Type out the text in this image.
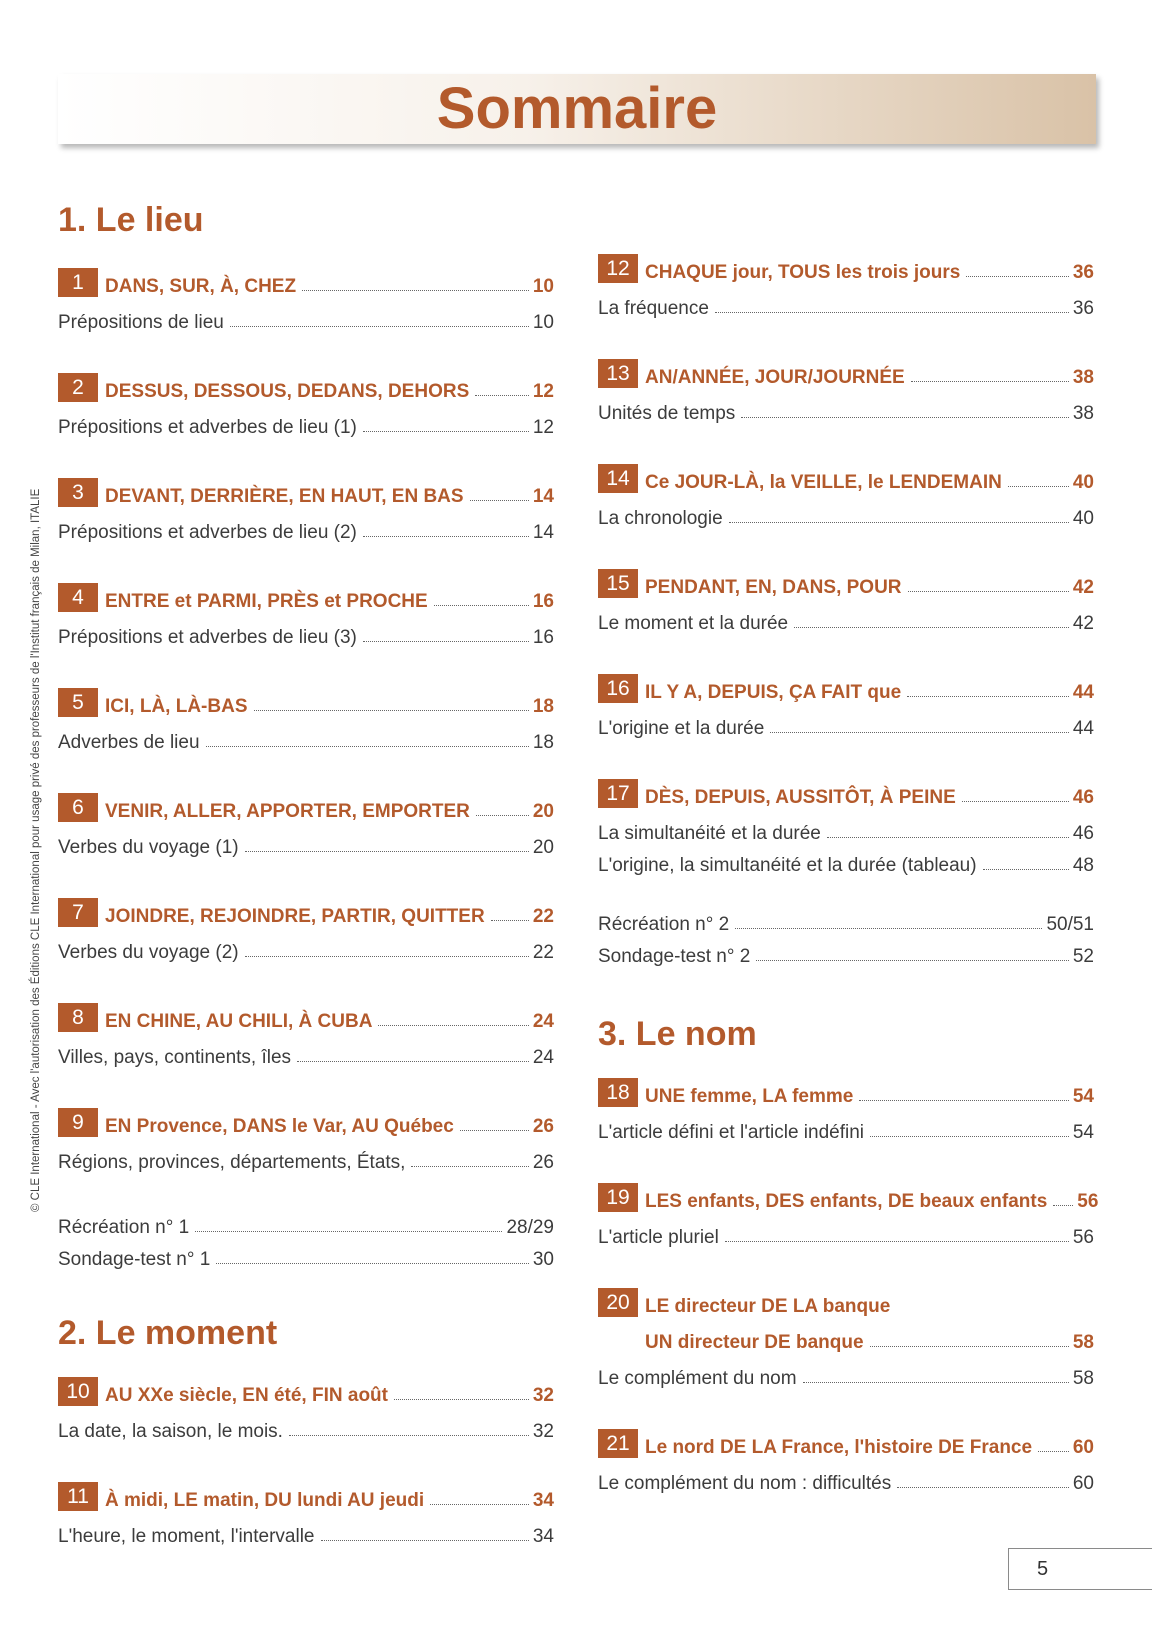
Sommaire
© CLE International - Avec l'autorisation des Éditions CLE International pour usage privé des professeurs de l'Institut français de Milan, ITALIE
1. Le lieu
1	DANS, SUR, À, CHEZ	10
Prépositions de lieu	10
2	DESSUS, DESSOUS, DEDANS, DEHORS	12
Prépositions et adverbes de lieu (1)	12
3	DEVANT, DERRIÈRE, EN HAUT, EN BAS	14
Prépositions et adverbes de lieu (2)	14
4	ENTRE et PARMI, PRÈS et PROCHE	16
Prépositions et adverbes de lieu (3)	16
5	ICI, LÀ, LÀ-BAS	18
Adverbes de lieu	18
6	VENIR, ALLER, APPORTER, EMPORTER	20
Verbes du voyage (1)	20
7	JOINDRE, REJOINDRE, PARTIR, QUITTER	22
Verbes du voyage (2)	22
8	EN CHINE, AU CHILI, À CUBA	24
Villes, pays, continents, îles	24
9	EN Provence, DANS le Var, AU Québec	26
Régions, provinces, départements, États,	26
Récréation n° 1	28/29
Sondage-test n° 1	30
2. Le moment
10 AU XXe siècle, EN été, FIN août	32
La date, la saison, le mois.	32
11 À midi, LE matin, DU lundi AU jeudi	34
L'heure, le moment, l'intervalle	34
12 CHAQUE jour, TOUS les trois jours	36
La fréquence	36
13 AN/ANNÉE, JOUR/JOURNÉE	38
Unités de temps	38
14 Ce JOUR-LÀ, la VEILLE, le LENDEMAIN	40
La chronologie	40
15 PENDANT, EN, DANS, POUR	42
Le moment et la durée	42
16 IL Y A, DEPUIS, ÇA FAIT que	44
L'origine et la durée	44
17 DÈS, DEPUIS, AUSSITÔT, À PEINE	46
La simultanéité et la durée	46
L'origine, la simultanéité et la durée (tableau)	48
Récréation n° 2	50/51
Sondage-test n° 2	52
3. Le nom
18 UNE femme, LA femme	54
L'article défini et l'article indéfini	54
19 LES enfants, DES enfants, DE beaux enfants 56
L'article pluriel	56
20 LE directeur DE LA banque
UN directeur DE banque	58
Le complément du nom	58
21 Le nord DE LA France, l'histoire DE France 60
Le complément du nom : difficultés	60
5
